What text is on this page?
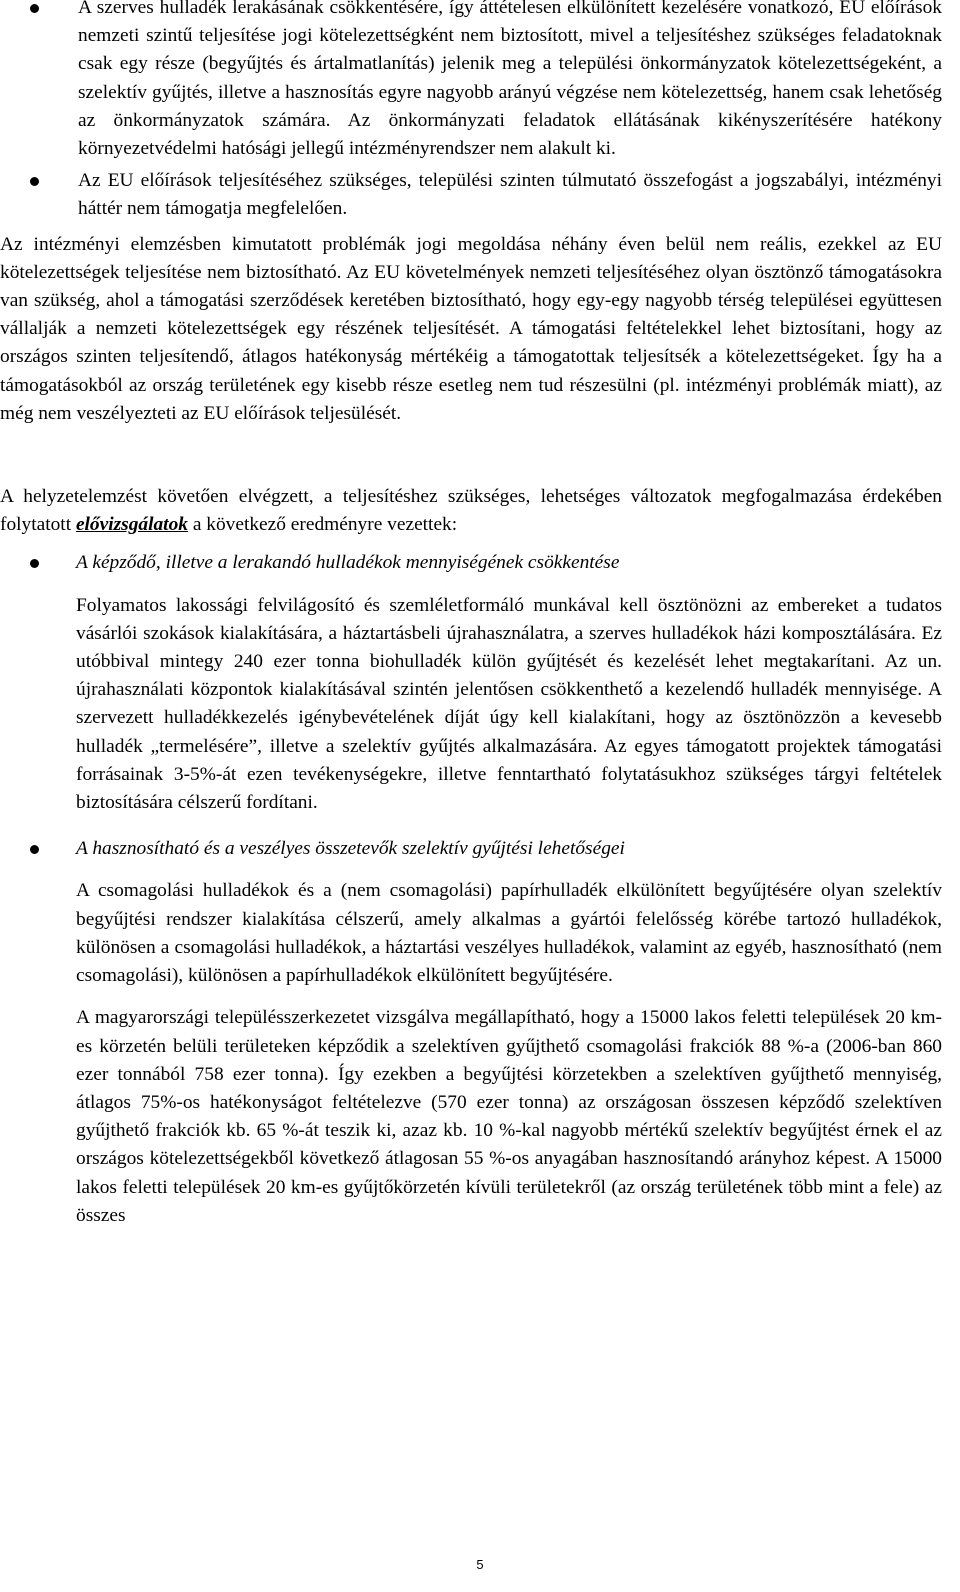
A szerves hulladék lerakásának csökkentésére, így áttételesen elkülönített kezelésére vonatkozó, EU előírások nemzeti szintű teljesítése jogi kötelezettségként nem biztosított, mivel a teljesítéshez szükséges feladatoknak csak egy része (begyűjtés és ártalmatlanítás) jelenik meg a települési önkormányzatok kötelezettségeként, a szelektív gyűjtés, illetve a hasznosítás egyre nagyobb arányú végzése nem kötelezettség, hanem csak lehetőség az önkormányzatok számára. Az önkormányzati feladatok ellátásának kikényszerítésére hatékony környezetvédelmi hatósági jellegű intézményrendszer nem alakult ki.

Az EU előírások teljesítéséhez szükséges, települési szinten túlmutató összefogást a jogszabályi, intézményi háttér nem támogatja megfelelően.

Az intézményi elemzésben kimutatott problémák jogi megoldása néhány éven belül nem reális, ezekkel az EU kötelezettségek teljesítése nem biztosítható. Az EU követelmények nemzeti teljesítéséhez olyan ösztönző támogatásokra van szükség, ahol a támogatási szerződések keretében biztosítható, hogy egy-egy nagyobb térség települései együttesen vállalják a nemzeti kötelezettségek egy részének teljesítését. A támogatási feltételekkel lehet biztosítani, hogy az országos szinten teljesítendő, átlagos hatékonyság mértékéig a támogatottak teljesítsék a kötelezettségeket. Így ha a támogatásokból az ország területének egy kisebb része esetleg nem tud részesülni (pl. intézményi problémák miatt), az még nem veszélyezteti az EU előírások teljesülését.

A helyzetelemzést követően elvégzett, a teljesítéshez szükséges, lehetséges változatok megfogalmazása érdekében folytatott elővizsgálatok a következő eredményre vezettek:

A képződő, illetve a lerakandó hulladékok mennyiségének csökkentése

Folyamatos lakossági felvilágosító és szemléletformáló munkával kell ösztönözni az embereket a tudatos vásárlói szokások kialakítására, a háztartásbeli újrahasználatra, a szerves hulladékok házi komposztálására. Ez utóbbival mintegy 240 ezer tonna biohulladék külön gyűjtését és kezelését lehet megtakarítani. Az un. újrahasználati központok kialakításával szintén jelentősen csökkenthető a kezelendő hulladék mennyisége. A szervezett hulladékkezelés igénybevételének díját úgy kell kialakítani, hogy az ösztönözzön a kevesebb hulladék „termelésére”, illetve a szelektív gyűjtés alkalmazására. Az egyes támogatott projektek támogatási forrásainak 3-5%-át ezen tevékenységekre, illetve fenntartható folytatásukhoz szükséges tárgyi feltételek biztosítására célszerű fordítani.

A hasznosítható és a veszélyes összetevők szelektív gyűjtési lehetőségei

A csomagolási hulladékok és a (nem csomagolási) papírhulladék elkülönített begyűjtésére olyan szelektív begyűjtési rendszer kialakítása célszerű, amely alkalmas a gyártói felelősség körébe tartozó hulladékok, különösen a csomagolási hulladékok, a háztartási veszélyes hulladékok, valamint az egyéb, hasznosítható (nem csomagolási), különösen a papírhulladékok elkülönített begyűjtésére.

A magyarországi településszerkezetet vizsgálva megállapítható, hogy a 15000 lakos feletti települések 20 km-es körzetén belüli területeken képződik a szelektíven gyűjthető csomagolási frakciók 88 %-a (2006-ban 860 ezer tonnából 758 ezer tonna). Így ezekben a begyűjtési körzetekben a szelektíven gyűjthető mennyiség, átlagos 75%-os hatékonyságot feltételezve (570 ezer tonna) az országosan összesen képződő szelektíven gyűjthető frakciók kb. 65 %-át teszik ki, azaz kb. 10 %-kal nagyobb mértékű szelektív begyűjtést érnek el az országos kötelezettségekből következő átlagosan 55 %-os anyagában hasznosítandó arányhoz képest. A 15000 lakos feletti települések 20 km-es gyűjtőkörzetén kívüli területekről (az ország területének több mint a fele) az összes

5
